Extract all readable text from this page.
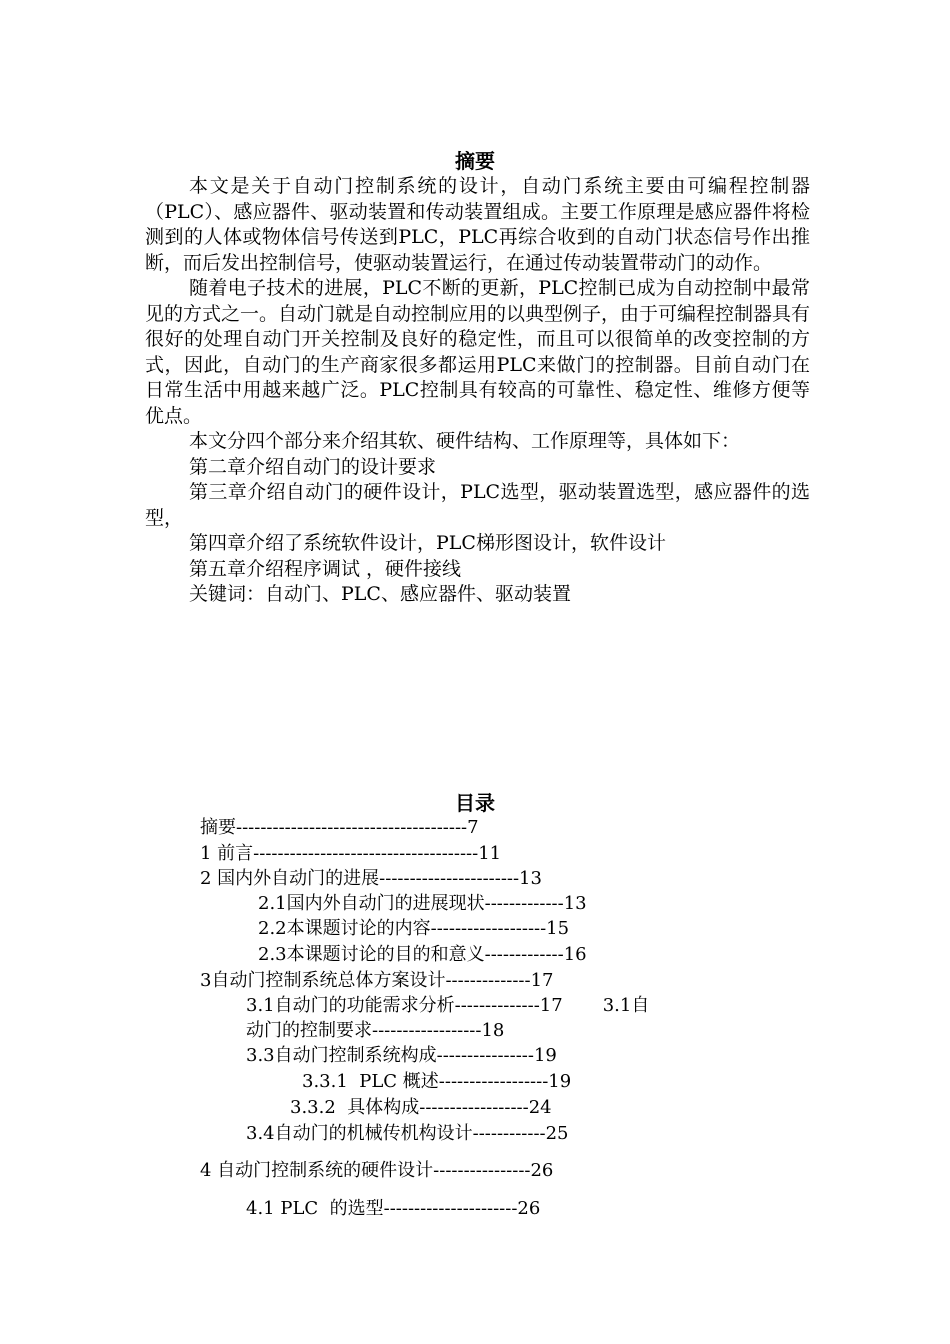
摘要

本文是关于自动门控制系统的设计，自动门系统主要由可编程控制器（PLC）、感应器件、驱动装置和传动装置组成。主要工作原理是感应器件将检测到的人体或物体信号传送到PLC，PLC再综合收到的自动门状态信号作出推断，而后发出控制信号，使驱动装置运行，在通过传动装置带动门的动作。

随着电子技术的进展，PLC不断的更新，PLC控制已成为自动控制中最常见的方式之一。自动门就是自动控制应用的以典型例子，由于可编程控制器具有很好的处理自动门开关控制及良好的稳定性，而且可以很简单的改变控制的方式，因此，自动门的生产商家很多都运用PLC来做门的控制器。目前自动门在日常生活中用越来越广泛。PLC控制具有较高的可靠性、稳定性、维修方便等优点。

本文分四个部分来介绍其软、硬件结构、工作原理等，具体如下：

第二章介绍自动门的设计要求

第三章介绍自动门的硬件设计，PLC选型，驱动装置选型，感应器件的选型，

第四章介绍了系统软件设计，PLC梯形图设计，软件设计

第五章介绍程序调试 ，硬件接线

关键词：自动门、PLC、感应器件、驱动装置

目录
摘要--------------------------------------7
1 前言-------------------------------------11
2 国内外自动门的进展-----------------------13
2.1国内外自动门的进展现状-------------13
2.2本课题讨论的内容-------------------15
2.3本课题讨论的目的和意义-------------16
3自动门控制系统总体方案设计--------------17
3.1自动门的功能需求分析--------------17       3.1自
动门的控制要求------------------18
3.3自动门控制系统构成----------------19
3.3.1  PLC 概述------------------19
3.3.2  具体构成------------------24
3.4自动门的机械传机构设计------------25
4 自动门控制系统的硬件设计----------------26
4.1 PLC  的选型----------------------26
